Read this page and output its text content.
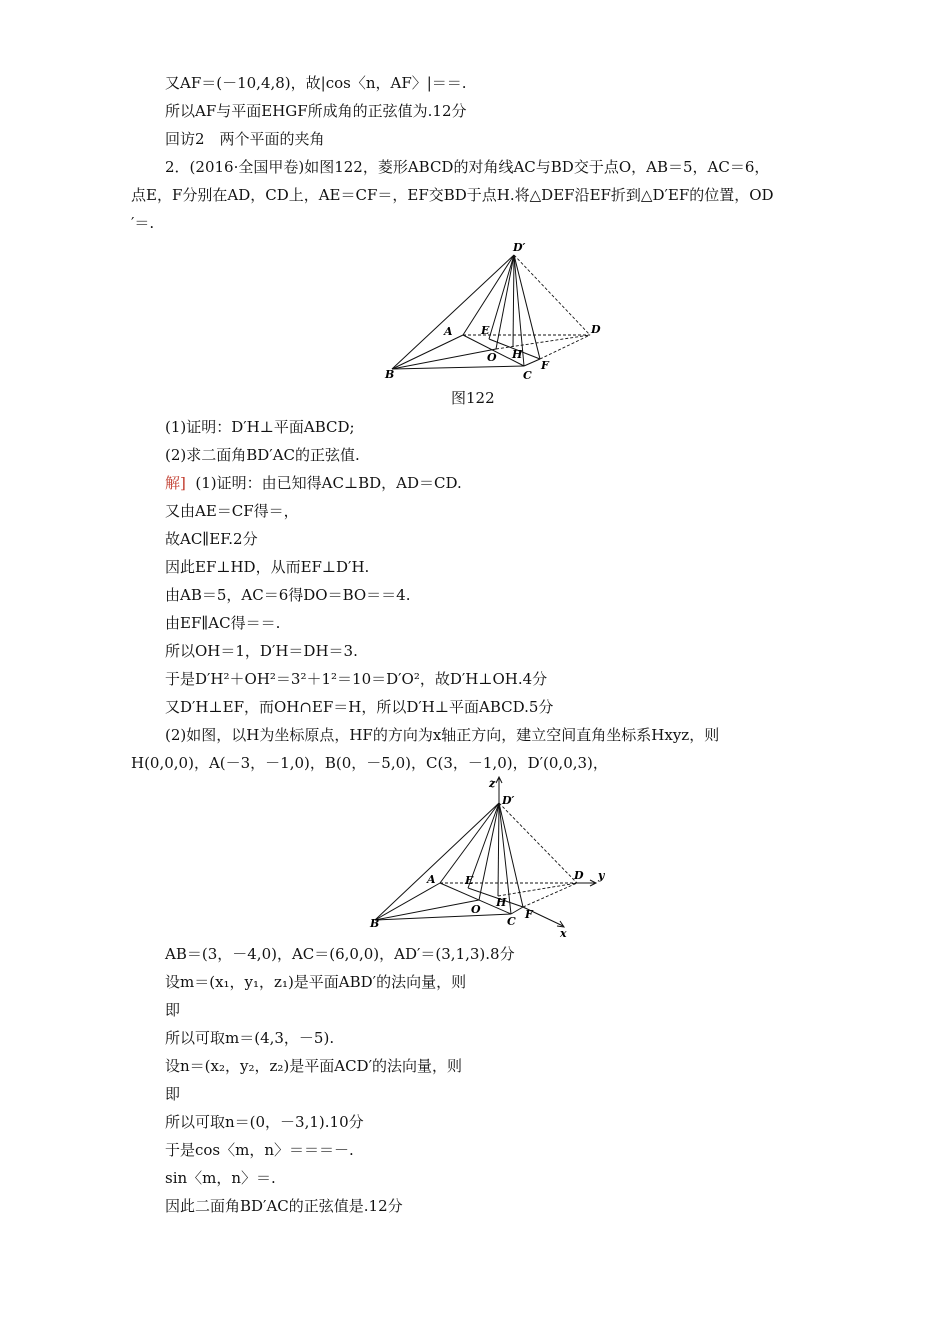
又AF＝(－10,4,8)，故|cos〈n，AF〉|＝＝.
所以AF与平面EHGF所成角的正弦值为.12分
回访2　两个平面的夹角
2．(2016·全国甲卷)如图122，菱形ABCD的对角线AC与BD交于点O，AB＝5，AC＝6，
点E，F分别在AD，CD上，AE＝CF＝，EF交BD于点H.将△DEF沿EF折到△D′EF的位置，OD
′＝.
D′
A	E	D
O H
B	C
F
图122
(1)证明：D′H⊥平面ABCD;
(2)求二面角BD′AC的正弦值.
解] (1)证明：由已知得AC⊥BD，AD＝CD.
又由AE＝CF得＝，
故AC∥EF.2分
因此EF⊥HD，从而EF⊥D′H.
由AB＝5，AC＝6得DO＝BO＝＝4.
由EF∥AC得＝＝.
所以OH＝1，D′H＝DH＝3.
于是D′H²＋OH²＝3²＋1²＝10＝D′O²，故D′H⊥OH.4分
又D′H⊥EF，而OH∩EF＝H，所以D′H⊥平面ABCD.5分
(2)如图，以H为坐标原点，HF的方向为x轴正方向，建立空间直角坐标系Hxyz，则
H(0,0,0)，A(－3，－1,0)，B(0，－5,0)，C(3，－1,0)，D′(0,0,3)，
z
D′
A	E	D y
O
H
B	C
F
x
AB＝(3，－4,0)，AC＝(6,0,0)，AD′＝(3,1,3).8分
设m＝(x₁，y₁，z₁)是平面ABD′的法向量，则
即
所以可取m＝(4,3，－5).
设n＝(x₂，y₂，z₂)是平面ACD′的法向量，则
即
所以可取n＝(0，－3,1).10分
于是cos〈m，n〉＝＝＝－.
sin〈m，n〉＝.
因此二面角BD′AC的正弦值是.12分
